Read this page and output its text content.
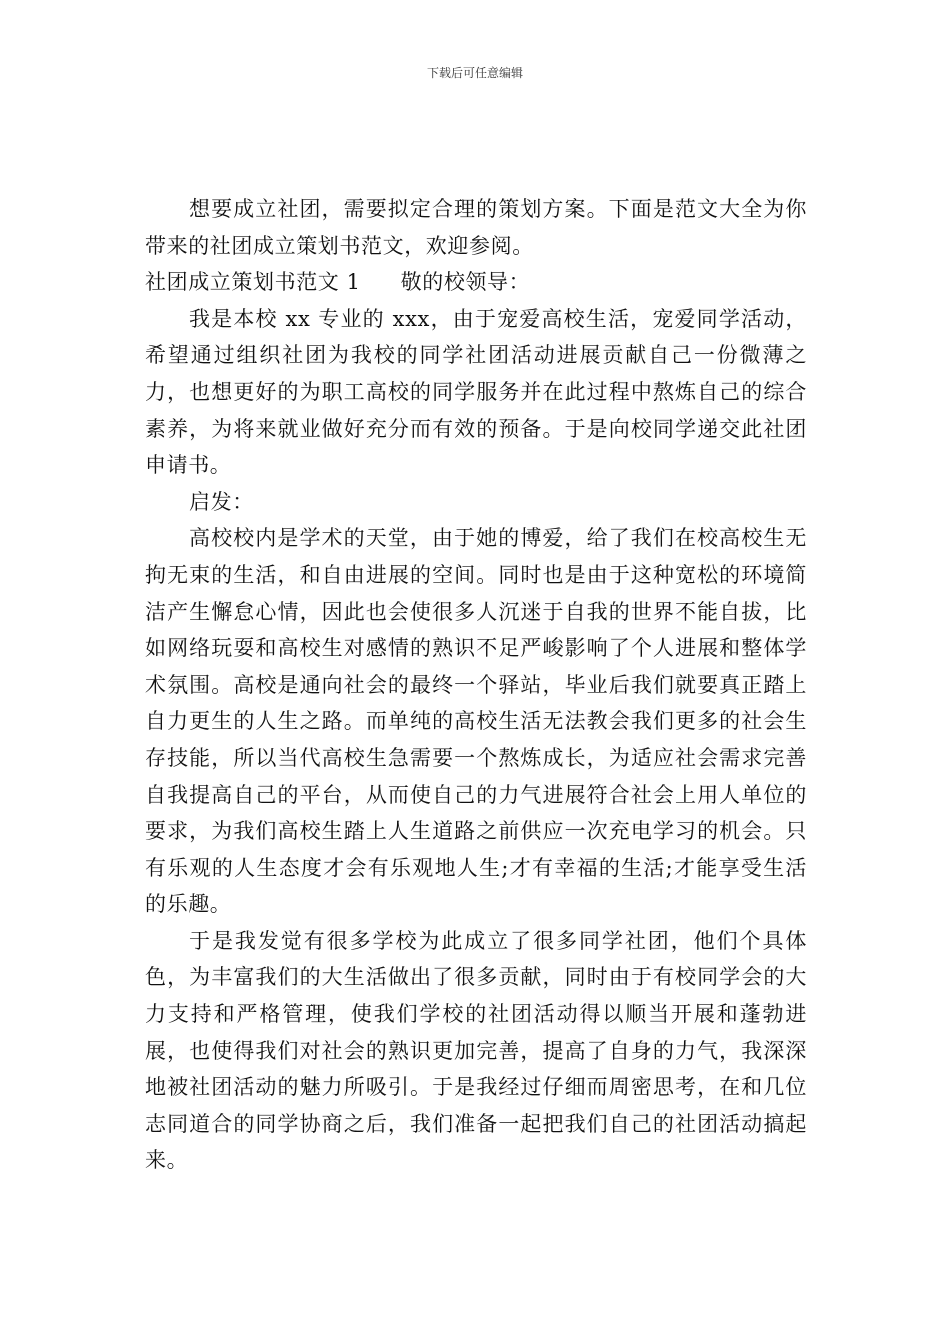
下载后可任意编辑

想要成立社团，需要拟定合理的策划方案。下面是范文大全为你带来的社团成立策划书范文，欢迎参阅。

社团成立策划书范文 1 敬的校领导：

我是本校 xx 专业的 xxx，由于宠爱高校生活，宠爱同学活动，希望通过组织社团为我校的同学社团活动进展贡献自己一份微薄之力，也想更好的为职工高校的同学服务并在此过程中熬炼自己的综合素养，为将来就业做好充分而有效的预备。于是向校同学递交此社团申请书。

启发：

高校校内是学术的天堂，由于她的博爱，给了我们在校高校生无拘无束的生活，和自由进展的空间。同时也是由于这种宽松的环境简洁产生懈怠心情，因此也会使很多人沉迷于自我的世界不能自拔，比如网络玩耍和高校生对感情的熟识不足严峻影响了个人进展和整体学术氛围。高校是通向社会的最终一个驿站，毕业后我们就要真正踏上自力更生的人生之路。而单纯的高校生活无法教会我们更多的社会生存技能，所以当代高校生急需要一个熬炼成长，为适应社会需求完善自我提高自己的平台，从而使自己的力气进展符合社会上用人单位的要求，为我们高校生踏上人生道路之前供应一次充电学习的机会。只有乐观的人生态度才会有乐观地人生;才有幸福的生活;才能享受生活的乐趣。

于是我发觉有很多学校为此成立了很多同学社团，他们个具体色，为丰富我们的大生活做出了很多贡献，同时由于有校同学会的大力支持和严格管理，使我们学校的社团活动得以顺当开展和蓬勃进展，也使得我们对社会的熟识更加完善，提高了自身的力气，我深深地被社团活动的魅力所吸引。于是我经过仔细而周密思考，在和几位志同道合的同学协商之后，我们准备一起把我们自己的社团活动搞起来。
